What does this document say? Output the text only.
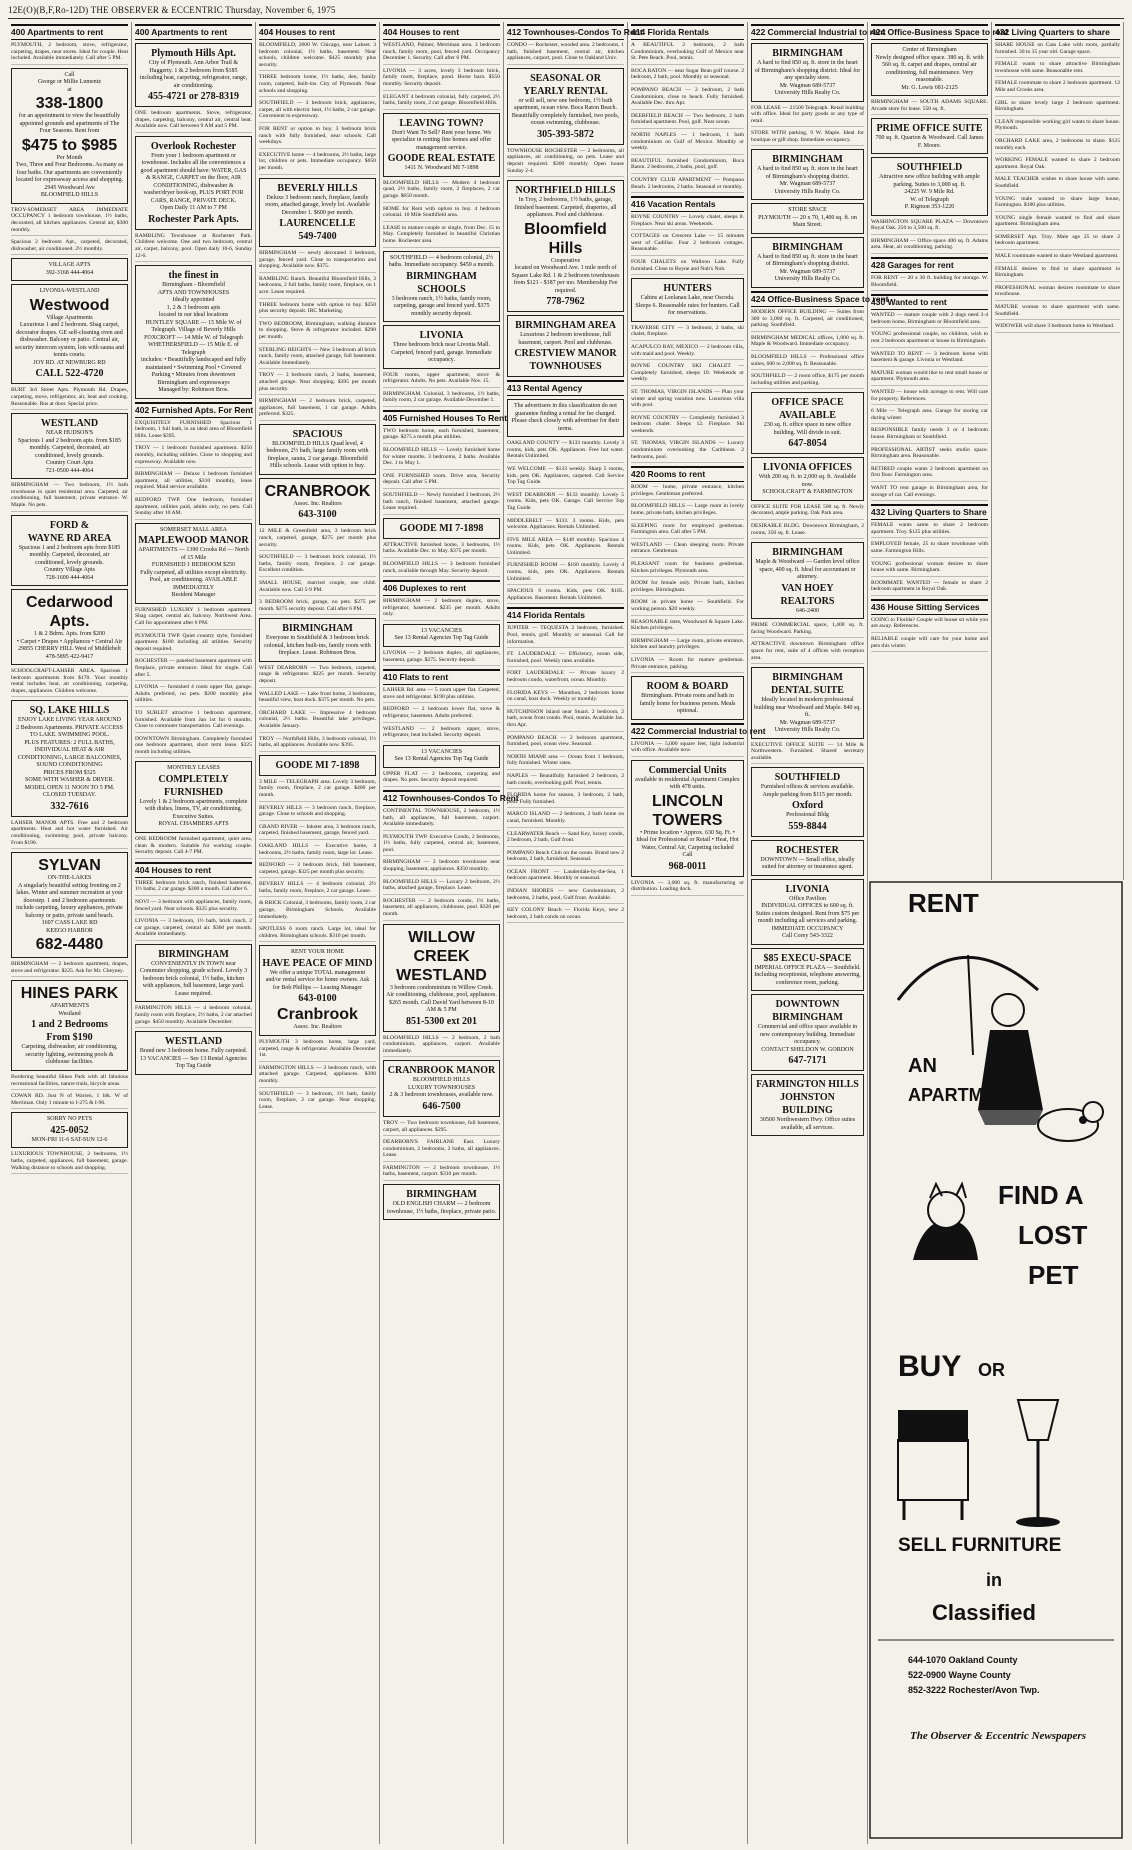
12E(O)(B,F,Ro-12D) THE OBSERVER & ECCENTRIC Thursday, November 6, 1975
400 Apartments to rent
PLYMOUTH, 2 bedroom, stove, refrigerator, carpeting, drapes, near stores. Ideal for couple. Heat included. Available immediately. Call after 5 PM.
Call
George or Millie Lumentz
at
338-1800
for an appointment to view the beautifully appointed grounds and apartments of The Four Seasons. Rent from
$475 to $985
Per Month
Two, Three and Four Bedrooms. As many as four baths. Our apartments are conveniently located for expressway access and shopping.
2945 Woodward Ave
BLOOMFIELD HILLS
TROY-SOMERSET AREA IMMEDIATE OCCUPANCY 1 bedroom townhouse, 1½ baths, decorated, all kitchen appliances. Central air, $300 monthly.
Spacious 2 bedroom Apt., carpeted, decorated, dishwasher, air conditioned. 2½ monthly.
VILLAGE APTS
392-3168 444-4064
LIVONIA-WESTLAND
Westwood
Village Apartments
Luxurious 1 and 2 bedroom. Shag carpet, decorator drapes. GE self-cleaning oven and dishwasher. Balcony or patio. Central air, security intercom system, lots with sauna and tennis courts.
JOY RD. AT NEWBURG RD
CALL 522-4720
BURT 3rd Street Apts. Plymouth Rd. Drapes, carpeting, stove, refrigerator, air, heat and cooking. Reasonable. Bus at door. Special price.
WESTLAND
NEAR HUDSON'S
Spacious 1 and 2 bedroom apts. from $185 monthly. Carpeted, decorated, air conditioned, lovely grounds.
Country Court Apts
721-0500 444-4064
BIRMINGHAM — Two bedroom, 1½ bath townhouse in quiet residential area. Carpeted, air conditioning, full basement, private entrance. W. Maple. No pets.
FORD &
WAYNE RD AREA
Spacious 1 and 2 bedroom apts from $185 monthly. Carpeted, decorated, air conditioned, lovely grounds.
Country Village Apts
728-1600 444-4064
Cedarwood
Apts.
1 & 2 Bdrm. Apts. from $200
• Carpet • Drapes • Appliances • Central Air
29855 CHERRY HILL West of Middlebelt
478-5895 422-9417
SCHOOLCRAFT-LAHSER AREA. Spacious 1 bedroom apartments from $170. Your monthly rental includes heat, air conditioning, carpeting, drapes, appliances. Children welcome.
SQ. LAKE HILLS
ENJOY LAKE LIVING YEAR AROUND
2 Bedroom Apartments. PRIVATE ACCESS TO LAKE. SWIMMING POOL.
PLUS FEATURES: 2 FULL BATHS, INDIVIDUAL HEAT & AIR CONDITIONING, LARGE BALCONIES, SOUND CONDITIONING
PRICES FROM $325
SOME WITH WASHER & DRYER. MODEL OPEN 11 NOON TO 5 PM. CLOSED TUESDAY.
332-7616
LAHSER MANOR APTS. Free and 2 bedroom apartments. Heat and hot water furnished. Air conditioning, swimming pool, private balcony. From $190.
SYLVAN
ON-THE-LAKES
A singularly beautiful setting fronting on 2 lakes. Winter and summer recreation at your doorstep. 1 and 2 bedroom apartments include carpeting, luxury appliances, private balcony or patio, private sand beach.
1607 CASS LAKE RD
KEEGO HARBOR
682-4480
BIRMINGHAM — 2 bedroom apartment, drapes, stove and refrigerator. $225. Ask for Mr. Cheyney.
HINES PARK
APARTMENTS
Westland
1 and 2 Bedrooms
From $190
Carpeting, dishwasher, air conditioning, security lighting, swimming pools & clubhouse facilities.
Bordering beautiful Hines Park with all fabulous recreational facilities, nature trails, bicycle areas.
COWAN RD. Just N of Warren, 1 blk. W of Merriman. Only 1 minute to I-275 & I-96.
SORRY NO PETS
425-0052
MON-FRI 11-6 SAT-SUN 12-6
LUXURIOUS TOWNHOUSE, 2 bedrooms, 1½ baths, carpeted, appliances, full basement, garage. Walking distance to schools and shopping.
400 Apartments to rent
Plymouth Hills Apt.
City of Plymouth. Ann Arbor Trail & Haggerty. 1 & 2 bedroom from $185 including heat, carpeting, refrigerator, range, air conditioning.
455-4721 or 278-8319
ONE bedroom apartments. Stove, refrigerator, drapes, carpeting, balcony, central air, central heat. Available now. Call between 9 AM and 5 PM.
Overlook Rochester
From your 1 bedroom apartment or townhouse. Includes all the conveniences a good apartment should have: WATER, GAS & RANGE, CARPET on the floor, AIR CONDITIONING, dishwasher & washer/dryer hook-up, PLUS PORT FOR CARS, RANGE, PRIVATE DECK.
Open Daily 11 AM to 7 PM
Rochester Park Apts.
RAMBLING Townhouse at Rochester Park. Children welcome. One and two bedroom, central air, carpet, balcony, pool. Open daily 10-6, Sunday 12-6.
the finest in
Birmingham - Bloomfield
APTS AND TOWNHOUSES
Ideally appointed
1, 2 & 3 bedroom apts
located in our ideal locations
HUNTLEY SQUARE — 15 Mile W. of Telegraph. Village of Beverly Hills
FOXCROFT — 14 Mile W. of Telegraph
WHETHERSFIELD — 15 Mile E. of Telegraph
includes: • Beautifully landscaped and fully maintained • Swimming Pool • Covered Parking • Minutes from downtown Birmingham and expressways
Managed by: Robinson Bros.
402 Furnished Apts. For Rent
EXQUISITELY FURNISHED Spacious 1 bedroom, 1 full bath, in an ideal area of Bloomfield Hills. Lease $395.
TROY — 1 bedroom furnished apartment. $250 monthly, including utilities. Close to shopping and expressway. Available now.
BIRMINGHAM — Deluxe 1 bedroom furnished apartment, all utilities, $310 monthly, lease required. Maid service available.
REDFORD TWP. One bedroom, furnished apartment, utilities paid, adults only, no pets. Call Sunday after 10 AM.
SOMERSET MALL AREA
MAPLEWOOD MANOR
APARTMENTS — 1390 Crooks Rd — North of 15 Mile
FURNISHED 1 BEDROOM $250
Fully carpeted, all utilities except electricity. Pool, air conditioning. AVAILABLE IMMEDIATELY
Resident Manager
FURNISHED LUXURY 1 bedroom apartment. Shag carpet, central air, balcony. Northwest Area. Call for appointment after 6 PM.
PLYMOUTH TWP. Quiet country style, furnished apartment. $180 including all utilities. Security deposit required.
ROCHESTER — paneled basement apartment with fireplace, private entrance. Ideal for single. Call after 5.
LIVONIA — furnished 4 room upper flat, garage. Adults preferred, no pets. $200 monthly plus utilities.
TO SUBLET attractive 1 bedroom apartment, furnished. Available from Jan 1st for 6 months. Close to commuter transportation. Call evenings.
DOWNTOWN Birmingham. Completely furnished one bedroom apartment, short term lease. $325 month including utilities.
MONTHLY LEASES
COMPLETELY FURNISHED
Lovely 1 & 2 bedroom apartments, complete with dishes, linens, TV, air conditioning. Executive Suites.
ROYAL CHAMBERS APTS
ONE BEDROOM furnished apartment, quiet area, clean & modern. Suitable for working couple. Security deposit. Call 4-7 PM.
404 Houses to rent
THREE bedroom brick ranch, finished basement, 1½ baths, 2 car garage. $300 a month. Call after 6.
NOVI — 3 bedroom with appliances, family room, fenced yard. Near schools. $325 plus security.
LIVONIA — 3 bedroom, 1½ bath, brick ranch, 2 car garage, carpeted, central air. $360 per month. Available immediately.
BIRMINGHAM
CONVENIENTLY IN TOWN near Commuter shopping, grade school. Lovely 3 bedroom brick colonial, 1½ baths, kitchen with appliances, full basement, large yard. Lease required.
FARMINGTON HILLS — 4 bedroom colonial, family room with fireplace, 2½ baths, 2 car attached garage. $450 monthly. Available December.
WESTLAND
Brand new 3 bedroom home. Fully carpeted.
13 VACANCIES — See 13 Rental Agencies Top Tag Guide
404 Houses to rent
BLOOMFIELD, 2600 W. Chicago, near Lahser. 3 bedroom colonial, 1½ baths, basement. Near schools, children welcome. $425 monthly plus security.
THREE bedroom home, 1½ baths, den, family room, carpeted, built-ins. City of Plymouth. Near schools and shopping.
SOUTHFIELD — 3 bedroom brick, appliances, carpet, all with electric heat, 1½ baths, 2 car garage. Convenient to expressway.
FOR RENT or option to buy. 3 bedroom brick ranch with fully furnished, near schools. Call weekdays.
EXECUTIVE home — 4 bedrooms, 2½ baths, large lot, children or pets. Immediate occupancy. $650 per month.
BEVERLY HILLS
Deluxe 3 bedroom ranch, fireplace, family room, attached garage, lovely lot. Available December 1. $600 per month.
LAURENCELLE
549-7400
BIRMINGHAM — newly decorated 3 bedroom, garage, fenced yard. Close to transportation and shopping. Available now. $375.
RAMBLING Ranch. Beautiful Bloomfield Hills, 3 bedrooms, 2 full baths, family room, fireplace, on 1 acre. Lease required.
THREE bedroom home with option to buy. $250 plus security deposit. IRC Marketing.
TWO BEDROOM, Birmingham, walking distance to shopping. Stove & refrigerator included. $290 per month.
STERLING HEIGHTS — New 3 bedroom all brick ranch, family room, attached garage, full basement. Available immediately.
TROY — 3 bedroom ranch, 2 baths, basement, attached garage. Near shopping. $395 per month plus security.
BIRMINGHAM — 2 bedroom brick, carpeted, appliances, full basement, 1 car garage. Adults preferred. $325.
SPACIOUS
BLOOMFIELD HILLS Quad level, 4 bedroom, 2½ bath, large family room with fireplace, sauna, 2 car garage. Bloomfield Hills schools. Lease with option to buy.
CRANBROOK
Assoc. Inc. Realtors
643-3100
12 MILE & Greenfield area, 3 bedroom brick ranch, carpeted, garage, $275 per month plus security.
SOUTHFIELD — 3 bedroom brick colonial, 1½ baths, family room, fireplace, 2 car garage. Excellent condition.
SMALL HOUSE, married couple, one child. Available now. Call 5-9 PM.
3 BEDROOM brick, garage, no pets. $275 per month. $275 security deposit. Call after 6 PM.
BIRMINGHAM
Everyone in Southfield & 3 bedroom brick colonial, kitchen built-ins, family room with fireplace. Lease. Robinson Bros.
WEST DEARBORN — Two bedroom, carpeted, range & refrigerator. $225 per month. Security deposit.
WALLED LAKE — Lake front home, 3 bedrooms, beautiful view, boat dock. $375 per month. No pets.
ORCHARD LAKE — Impressive 4 bedroom colonial, 2½ baths. Beautiful lake privileges. Available January.
TROY — Northfield Hills, 3 bedroom colonial, 1½ baths, all appliances. Available now. $395.
GOODE MI 7-1898
3 MILE — TELEGRAPH area. Lovely 3 bedroom, family room, fireplace, 2 car garage. $400 per month.
BEVERLY HILLS — 3 bedroom ranch, fireplace, garage. Close to schools and shopping.
GRAND RIVER — Inkster area, 3 bedroom ranch, carpeted, finished basement, garage, fenced yard.
OAKLAND HILLS — Executive home, 4 bedrooms, 2½ baths, family room, large lot. Lease.
REDFORD — 3 bedroom brick, full basement, carpeted, garage. $325 per month plus security.
BEVERLY HILLS — 4 bedroom colonial, 2½ baths, family room, fireplace, 2 car garage. Lease.
& BRICK Colonial, 3 bedrooms, family room, 2 car garage, Birmingham Schools. Available immediately.
SPOTLESS 6 room ranch. Large lot, ideal for children. Birmingham schools. $310 per month.
RENT YOUR HOME
HAVE PEACE OF MIND
We offer a unique TOTAL management and/or rental service for home owners. Ask for Bob Phillips — Leasing Manager
643-0100
Cranbrook
Assoc. Inc. Realtors
PLYMOUTH 3 bedroom home, large yard, carpeted, range & refrigerator. Available December 1st.
FARMINGTON HILLS — 3 bedroom ranch, with attached garage. Carpeted, appliances. $390 monthly.
SOUTHFIELD — 3 bedroom, 1½ bath, family room, fireplace, 2 car garage. Near shopping. Lease.
404 Houses to rent
WESTLAND, Palmer, Merriman area. 3 bedroom ranch, family room, pool, fenced yard. Occupancy December 1. Security. Call after 6 PM.
LIVONIA — 3 acres, lovely 3 bedroom brick, family room, fireplace, pond. Horse barn. $550 monthly. Security deposit.
ELEGANT 4 bedroom colonial, fully carpeted, 2½ baths, family room, 2 car garage. Bloomfield Hills.
LEAVING TOWN?
Don't Want To Sell? Rent your home. We specialize in renting fine homes and offer management service.
GOODE REAL ESTATE
1411 N. Woodward MI 7-1898
BLOOMFIELD HILLS — Modern 4 bedroom quad, 2½ baths, family room, 2 fireplaces, 2 car garage. $650 month.
HOME for Rent with option to buy. 4 bedroom colonial. 10 Mile Southfield area.
LEASE to mature couple or single, from Dec. 15 to May. Completely furnished in beautiful Christian home. Rochester area.
SOUTHFIELD — 4 bedroom colonial, 2½ baths. Immediate occupancy. $450 a month.
BIRMINGHAM SCHOOLS
3 bedroom ranch, 1½ baths, family room, carpeting, garage and fenced yard. $375 monthly security deposit.
LIVONIA
Three bedroom brick near Livonia Mall. Carpeted, fenced yard, garage. Immediate occupancy.
FOUR rooms, upper apartment, stove & refrigerator. Adults. No pets. Available Nov. 15.
BIRMINGHAM. Colonial, 3 bedrooms, 1½ baths, family room, 2 car garage. Available December 1.
405 Furnished Houses To Rent
TWO bedroom home, each furnished, basement, garage. $275 a month plus utilities.
BLOOMFIELD HILLS — Lovely furnished home for winter months. 3 bedrooms, 2 baths. Available Dec. 1 to May 1.
ONE FURNISHED room. Drive area, Security deposit. Call after 5 PM.
SOUTHFIELD — Newly furnished 3 bedroom, 2½ bath ranch, finished basement, attached garage. Lease required.
GOODE MI 7-1898
ATTRACTIVE furnished home, 3 bedrooms, 1½ baths. Available Dec. to May. $375 per month.
BLOOMFIELD HILLS — 3 bedroom furnished ranch, available through May. Security deposit.
406 Duplexes to rent
BIRMINGHAM — 2 bedroom duplex, stove, refrigerator, basement. $235 per month. Adults only.
13 VACANCIES
See 13 Rental Agencies Top Tag Guide
LIVONIA — 2 bedroom duplex, all appliances, basement, garage. $275. Security deposit.
410 Flats to rent
LAHSER Rd. area — 5 room upper flat. Carpeted, stove and refrigerator. $190 plus utilities.
REDFORD — 2 bedroom lower flat, stove & refrigerator, basement. Adults preferred.
WESTLAND — 2 bedroom upper, stove, refrigerator, heat included. Security deposit.
13 VACANCIES
See 13 Rental Agencies Top Tag Guide
UPPER FLAT — 2 bedrooms, carpeting and drapes. No pets. Security deposit required.
412 Townhouses-Condos To Rent
CONTINENTAL TOWNHOUSE, 2 bedroom, 1½ bath, all appliances, full basement, carport. Available immediately.
PLYMOUTH TWP. Executive Condo, 2 bedrooms, 1½ baths, fully carpeted, central air, basement, pool.
BIRMINGHAM — 2 bedroom townhouse near shopping, basement, appliances. $350 monthly.
BLOOMFIELD HILLS — Luxury 2 bedroom, 2½ baths, attached garage, fireplace. Lease.
ROCHESTER — 2 bedroom condo, 1½ baths, basement, all appliances, clubhouse, pool. $320 per month.
WILLOW CREEK
WESTLAND
3 bedroom condominium in Willow Creek. Air conditioning, clubhouse, pool, appliances. $265 month. Call David Yard between 8-10 AM & 5 PM
851-5300 ext 201
BLOOMFIELD HILLS — 2 bedroom, 2 bath condominium, appliances, carport. Available immediately.
CRANBROOK MANOR
BLOOMFIELD HILLS
LUXURY TOWNHOUSES
2 & 3 bedroom townhouses, available now.
646-7500
TROY — Two bedroom townhouse, full basement, carport, all appliances. $295.
DEARBORN'S FAIRLANE East. Luxury condominium, 2 bedrooms, 2 baths, all appliances. Lease.
FARMINGTON — 2 bedroom townhouse, 1½ baths, basement, carport. $310 per month.
BIRMINGHAM
OLD ENGLISH CHARM — 2 bedroom townhouse, 1½ baths, fireplace, private patio.
412 Townhouses-Condos To Rent
CONDO — Rochester, wooded area. 2 bedrooms, 1 bath, finished basement, central air, kitchen appliances, carport, pool. Close to Oakland Univ.
SEASONAL OR
YEARLY RENTAL
or will sell, new one bedroom, 1½ bath apartment, ocean view. Boca Raton Beach. Beautifully completely furnished, two pools, ocean swimming, clubhouse.
305-393-5872
TOWNHOUSE ROCHESTER — 2 bedrooms, all appliances, air conditioning, no pets. Lease and deposit required. $300 monthly. Open house Sunday 2-4.
NORTHFIELD HILLS
In Troy, 2 bedrooms, 1½ baths, garage, finished basement. Carpeted, draperies, all appliances. Pool and clubhouse.
Bloomfield Hills
Cooperative
located on Woodward Ave. 1 mile north of Square Lake Rd. 1 & 2 bedroom townhouses from $121 - $187 per mo. Membership Fee required.
778-7962
BIRMINGHAM AREA
Luxurious 2 bedroom townhouse, full basement, carport. Pool and clubhouse.
CRESTVIEW MANOR
TOWNHOUSES
413 Rental Agency
The advertisers in this classification do not guarantee finding a rental for fee charged. Please check closely with advertiser for their terms.
OAKLAND COUNTY — $133 monthly. Lovely 3 rooms, kids, pets OK. Appliances. Free hot water. Rentals Unlimited.
WE WELCOME — $133 weekly. Sharp 5 rooms, kids, pets OK. Appliances, carpeted. Call Service Top Tag Guide.
WEST DEARBORN — $133 monthly. Lovely 5 rooms. Kids, pets OK. Garage. Call Service Top Tag Guide.
MIDDLEBELT — $133. 3 rooms. Kids, pets welcome. Appliances. Rentals Unlimited.
FIVE MILE AREA — $148 monthly. Spacious 4 rooms. Kids, pets OK. Appliances. Rentals Unlimited.
FURNISHED ROOM — $160 monthly. Lovely 4 rooms, kids, pets OK. Appliances. Rentals Unlimited.
SPACIOUS 6 rooms. Kids, pets OK. $185. Appliances. Basement. Rentals Unlimited.
414 Florida Rentals
JUPITER — TEQUESTA 2 bedroom, furnished. Pool, tennis, golf. Monthly or seasonal. Call for information.
FT. LAUDERDALE — Efficiency, ocean side, furnished, pool. Weekly rates available.
FORT LAUDERDALE — Private luxury 2 bedroom condo, waterfront, ocean. Monthly.
FLORIDA KEYS — Marathon, 2 bedroom home on canal, boat dock. Weekly or monthly.
HUTCHINSON Island near Stuart. 2 bedroom, 2 bath, ocean front condo. Pool, tennis. Available Jan. thru Apr.
POMPANO BEACH — 2 bedroom apartment, furnished, pool, ocean view. Seasonal.
NORTH MIAMI area — Ocean front 1 bedroom, fully furnished. Winter rates.
NAPLES — Beautifully furnished 2 bedroom, 2 bath condo, overlooking gulf. Pool, tennis.
FLORIDA home for season, 3 bedroom, 2 bath, pool. Fully furnished.
MARCO ISLAND — 2 bedroom, 2 bath home on canal, furnished. Monthly.
CLEARWATER Beach — Sand Key, luxury condo, 2 bedroom, 2 bath, Gulf front.
POMPANO Beach Club on the ocean. Brand new 2 bedroom, 2 bath, furnished. Seasonal.
OCEAN FRONT — Lauderdale-by-the-Sea, 1 bedroom apartment. Monthly or seasonal.
INDIAN SHORES — new Condominium, 2 bedrooms, 2 baths, pool, Gulf front. Available.
KEY COLONY Beach — Florida Keys, new 2 bedroom, 2 bath condo on ocean.
414 Florida Rentals
A BEAUTIFUL 2 bedroom, 2 bath Condominium, overlooking Gulf of Mexico near St. Pete Beach. Pool, tennis.
BOCA RATON — near Sugar Bean golf course. 2 bedroom, 2 bath, pool. Monthly or seasonal.
POMPANO BEACH — 2 bedroom, 2 bath Condominium, close to beach. Fully furnished. Available Dec. thru Apr.
DEERFIELD BEACH — Two bedroom, 2 bath furnished apartment. Pool, golf. Near ocean.
NORTH NAPLES — 1 bedroom, 1 bath condominium on Gulf of Mexico. Monthly or weekly.
BEAUTIFUL furnished Condominium, Boca Raton. 2 bedrooms, 2 baths, pool, golf.
COUNTRY CLUB APARTMENT — Pompano Beach. 2 bedrooms, 2 baths. Seasonal or monthly.
416 Vacation Rentals
BOYNE COUNTRY — Lovely chalet, sleeps 8. Fireplace. Near ski areas. Weekends.
COTTAGES on Crescent Lake — 15 minutes west of Cadillac. Four 2 bedroom cottages. Reasonable.
FOUR CHALETS on Walloon Lake. Fully furnished. Close to Boyne and Nub's Nob.
HUNTERS
Cabins at Leelanau Lake, near Oscoda. Sleeps 6. Reasonable rates for hunters. Call for reservations.
TRAVERSE CITY — 3 bedroom, 2 baths, ski chalet, fireplace.
ACAPULCO BAY, MEXICO — 2 bedroom villa, with maid and pool. Weekly.
BOYNE COUNTRY SKI CHALET — Completely furnished, sleeps 10. Weekends or weekly.
ST. THOMAS, VIRGIN ISLANDS — Plan your winter and spring vacation now. Luxurious villa with pool.
BOYNE COUNTRY — Completely furnished 3 bedroom chalet. Sleeps 12. Fireplace. Ski weekends.
ST. THOMAS, VIRGIN ISLANDS — Luxury condominium overlooking the Caribbean. 2 bedrooms, pool.
420 Rooms to rent
ROOM — home, private entrance, kitchen privileges. Gentleman preferred.
BLOOMFIELD HILLS — Large room in lovely home, private bath, kitchen privileges.
SLEEPING room for employed gentleman. Farmington area. Call after 5 PM.
WESTLAND — Clean sleeping room. Private entrance. Gentleman.
PLEASANT room for business gentleman. Kitchen privileges. Plymouth area.
ROOM for female only. Private bath, kitchen privileges. Birmingham.
ROOM in private home — Southfield. For working person. $20 weekly.
REASONABLE rates, Woodward & Square Lake. Kitchen privileges.
BIRMINGHAM — Large room, private entrance, kitchen and laundry privileges.
LIVONIA — Room for mature gentleman. Private entrance, parking.
ROOM & BOARD
Birmingham. Private room and bath in family home for business person. Meals optional.
422 Commercial Industrial to rent
LIVONIA — 5,000 square feet, light industrial with office. Available now.
Commercial Units
available in residential Apartment Complex with 478 units.
LINCOLN
TOWERS
• Prime location • Approx. 630 Sq. Ft. • Ideal for Professional or Retail • Heat, Hot Water, Central Air, Carpeting included
Call
968-0011
LIVONIA — 3,000 sq. ft. manufacturing or distribution. Loading dock.
422 Commercial Industrial to rent
BIRMINGHAM
A hard to find 850 sq. ft. store in the heart of Birmingham's shopping district. Ideal for any specialty store.
Mr. Wagman 689-5737
University Hills Realty Co.
FOR LEASE — 21500 Telegraph. Retail building with office. Ideal for party goods or any type of retail.
STORE WITH parking, 9 W. Maple. Ideal for boutique or gift shop. Immediate occupancy.
BIRMINGHAM
A hard to find 850 sq. ft. store in the heart of Birmingham's shopping district.
Mr. Wagman 689-5737
University Hills Realty Co.
STORE SPACE
PLYMOUTH — 20 x 70, 1,400 sq. ft. on Main Street.
BIRMINGHAM
A hard to find 850 sq. ft. store in the heart of Birmingham's shopping district.
Mr. Wagman 689-5737
University Hills Realty Co.
424 Office-Business Space to rent
MODERN OFFICE BUILDING — Suites from 300 to 3,000 sq. ft. Carpeted, air conditioned, parking. Southfield.
BIRMINGHAM MEDICAL offices, 1,000 sq. ft. Maple & Woodward. Immediate occupancy.
BLOOMFIELD HILLS — Professional office suites, 600 to 2,000 sq. ft. Reasonable.
SOUTHFIELD — 2 room office, $175 per month including utilities and parking.
OFFICE SPACE
AVAILABLE
230 sq. ft. office space in new office building. Will divide to suit.
647-8054
LIVONIA OFFICES
With 200 sq. ft. to 2,000 sq. ft. Available now.
SCHOOLCRAFT & FARMINGTON
OFFICE SUITE FOR LEASE 500 sq. ft. Newly decorated, ample parking. Oak Park area.
DESIRABLE BLDG. Downtown Birmingham, 2 rooms, 350 sq. ft. Lease.
BIRMINGHAM
Maple & Woodward — Garden level office space, 400 sq. ft. Ideal for accountant or attorney.
VAN HOEY REALTORS
646-2400
PRIME COMMERCIAL space, 1,400 sq. ft. facing Woodward. Parking.
ATTRACTIVE downtown Birmingham office space for rent, suite of 4 offices with reception area.
BIRMINGHAM
DENTAL SUITE
Ideally located in modern professional building near Woodward and Maple. 840 sq. ft.
Mr. Wagman 689-5737
University Hills Realty Co.
EXECUTIVE OFFICE SUITE — 14 Mile & Northwestern. Furnished. Shared secretary available.
SOUTHFIELD
Furnished offices & services available. Ample parking from $115 per month.
Oxford
Professional Bldg
559-8844
ROCHESTER
DOWNTOWN — Small office, ideally suited for attorney or insurance agent.
LIVONIA
Office Pavilion
INDIVIDUAL OFFICES to 600 sq. ft. Suites custom designed. Rent from $75 per month including all services and parking.
IMMEDIATE OCCUPANCY
Call Corey 543-3322
$85 EXECU-SPACE
IMPERIAL OFFICE PLAZA — Southfield. Including receptionist, telephone answering, conference room, parking.
DOWNTOWN
BIRMINGHAM
Commercial and office space available in new contemporary building. Immediate occupancy.
CONTACT SHELDON W. GORDON
647-7171
FARMINGTON HILLS
JOHNSTON BUILDING
30500 Northwestern Hwy. Office suites available, all services.
424 Office-Business Space to rent
Center of Birmingham
Newly designed office space. 380 sq. ft. with 560 sq. ft. carpet and drapes, central air conditioning, full maintenance. Very reasonable.
Mr. G. Lewis 681-2125
BIRMINGHAM — SOUTH ADAMS SQUARE. Arcade store for lease. 550 sq. ft.
PRIME OFFICE SUITE
700 sq. ft. Quarton & Woodward. Call James F. Moore.
SOUTHFIELD
Attractive new office building with ample parking. Suites to 3,000 sq. ft.
24225 W. 9 Mile Rd.
W. of Telegraph
P. Rigmon 353-1220
WASHINGTON SQUARE PLAZA — Downtown Royal Oak. 250 to 3,500 sq. ft.
BIRMINGHAM — Office space 400 sq. ft. Adams area. Heat, air conditioning, parking.
428 Garages for rent
FOR RENT — 20 x 30 ft. building for storage. W. Bloomfield.
430 Wanted to rent
WANTED — mature couple with 2 dogs need 3-4 bedroom home, Birmingham or Bloomfield area.
YOUNG professional couple, no children, wish to rent 2 bedroom apartment or house in Birmingham.
WANTED TO RENT — 3 bedroom home with basement & garage. Livonia or Westland.
MATURE woman would like to rent small house or apartment. Plymouth area.
WANTED — house with acreage to rent. Will care for property. References.
6 Mile — Telegraph area. Garage for storing car during winter.
RESPONSIBLE family needs 3 or 4 bedroom house. Birmingham or Southfield.
PROFESSIONAL ARTIST seeks studio space. Birmingham area. Reasonable.
RETIRED couple wants 2 bedroom apartment on first floor. Farmington area.
WANT TO rent garage in Birmingham area, for storage of car. Call evenings.
432 Living Quarters to Share
FEMALE wants same to share 2 bedroom apartment. Troy. $125 plus utilities.
EMPLOYED female, 25 to share townhouse with same. Farmington Hills.
YOUNG professional woman desires to share house with same. Birmingham.
ROOMMATE WANTED — female to share 2 bedroom apartment in Royal Oak.
436 House Sitting Services
GOING to Florida? Couple will house sit while you are away. References.
RELIABLE couple will care for your home and pets this winter.
432 Living Quarters to share
SHARE HOUSE on Cass Lake with room, partially furnished. 30 to 35 year old. Garage space.
FEMALE wants to share attractive Birmingham townhouse with same. Reasonable rent.
FEMALE roommate to share 2 bedroom apartment. 12 Mile and Crooks area.
GIRL to share lovely large 2 bedroom apartment. Birmingham.
CLEAN responsible working girl wants to share house. Plymouth.
ORCHARD LAKE area, 2 bedrooms to share. $125 monthly each.
WORKING FEMALE wanted to share 2 bedroom apartment. Royal Oak.
MALE TEACHER wishes to share house with same. Southfield.
YOUNG male wanted to share large house, Farmington. $100 plus utilities.
YOUNG single female wanted to find and share apartment. Birmingham area.
SOMERSET Apt. Troy. Male age 25 to share 2 bedroom apartment.
MALE roommate wanted to share Westland apartment.
FEMALE desires to find to share apartment in Birmingham.
PROFESSIONAL woman desires roommate to share townhouse.
MATURE woman to share apartment with same. Southfield.
WIDOWER will share 3 bedroom home in Westland.
RENT
AN
APARTMENT
FIND A
LOST
PET
BUY OR
SELL FURNITURE
in
Classified
644-1070 Oakland County
522-0900 Wayne County
852-3222 Rochester/Avon Twp.
The Observer & Eccentric Newspapers
